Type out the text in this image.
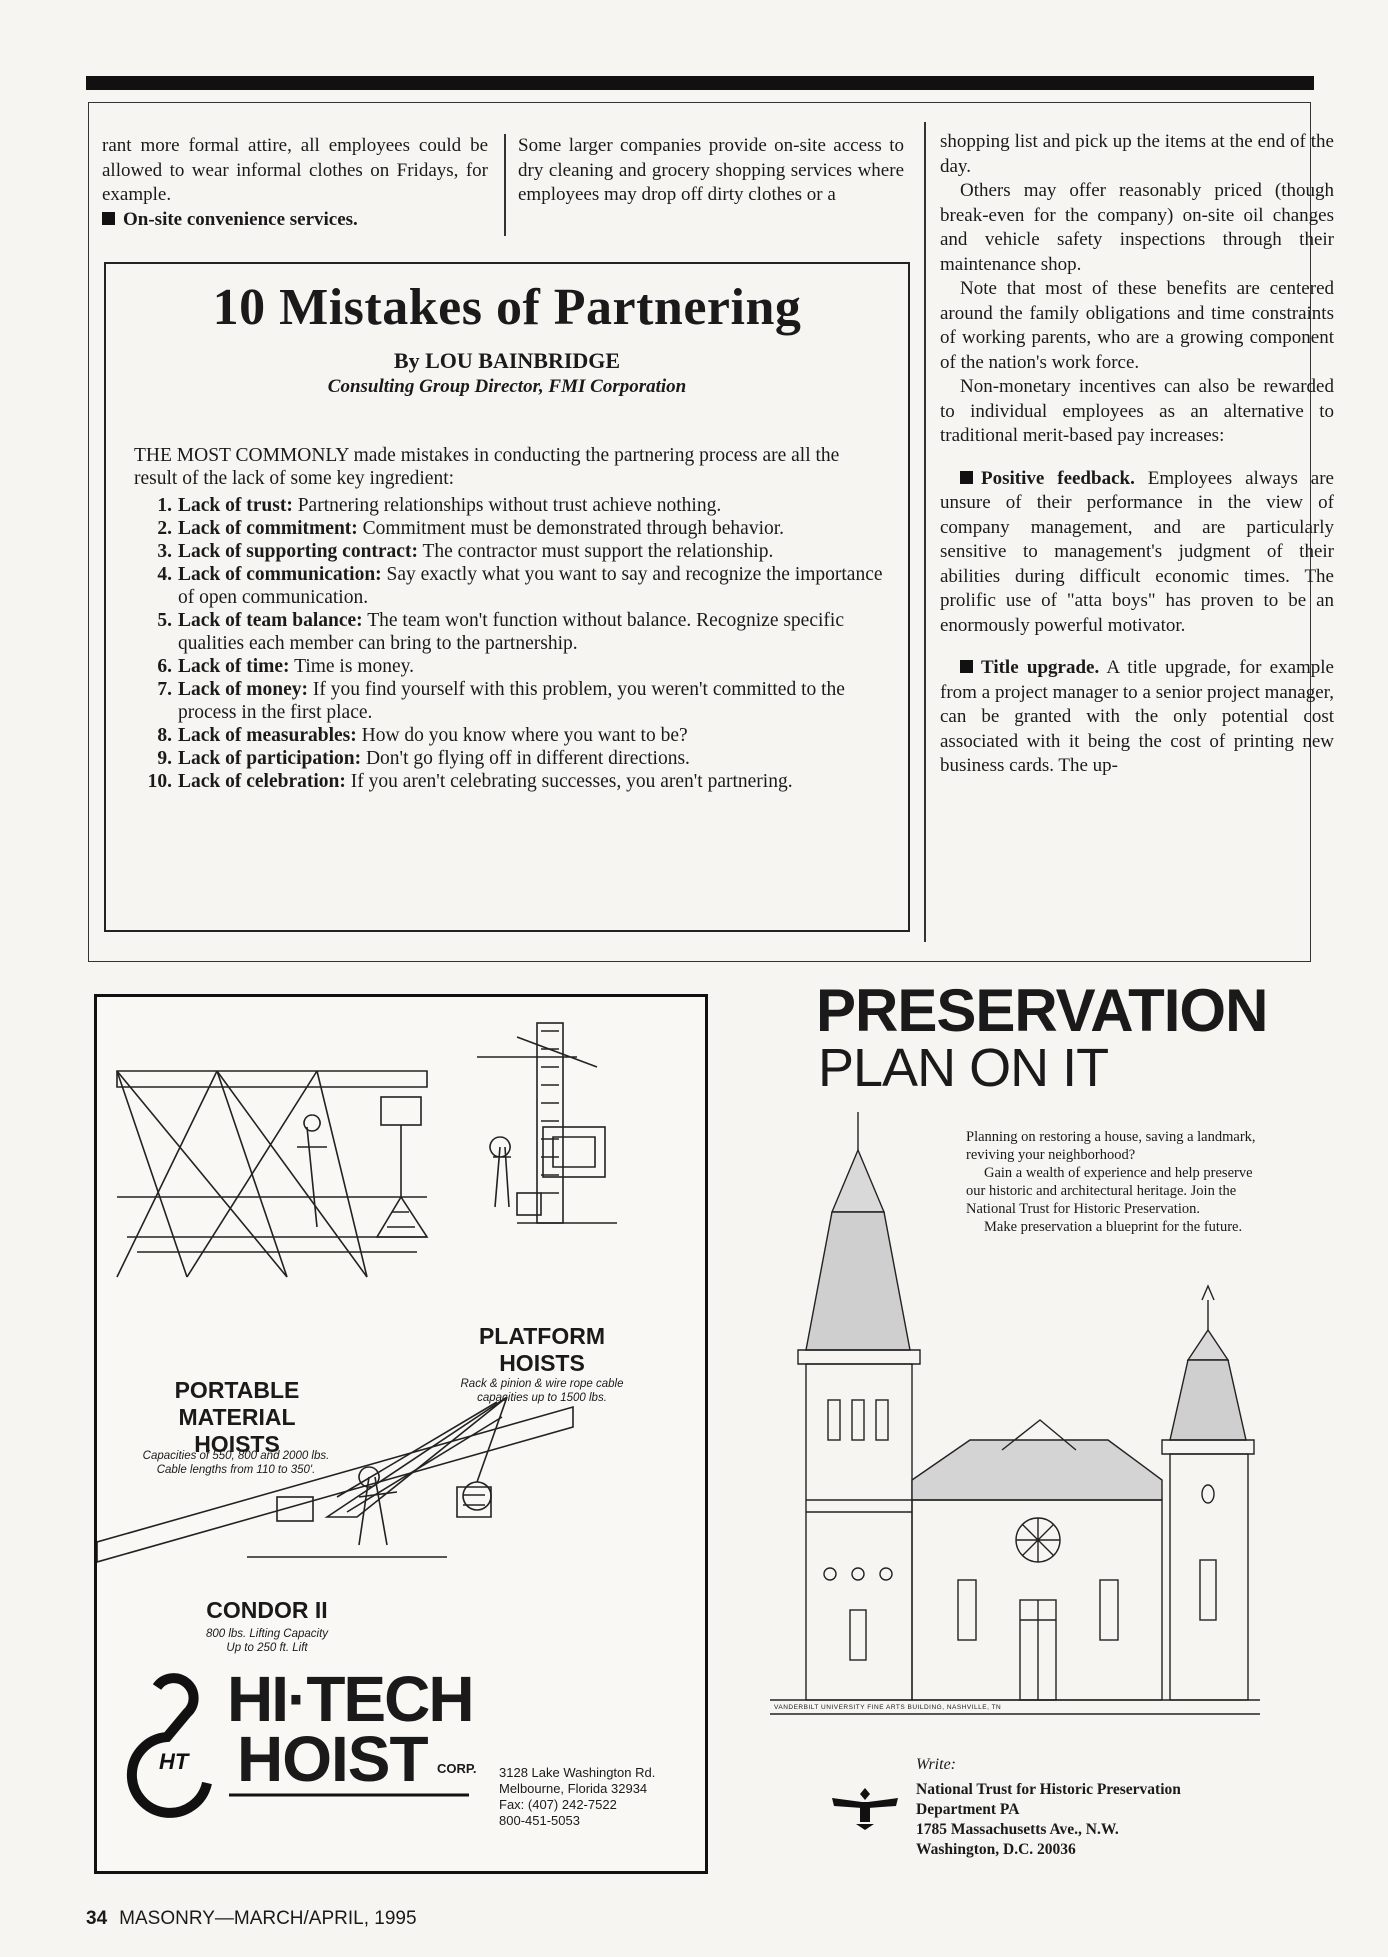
rant more formal attire, all employees could be allowed to wear informal clothes on Fridays, for example.

On-site convenience services.

Some larger companies provide on-site access to dry cleaning and grocery shopping services where employees may drop off dirty clothes or a

shopping list and pick up the items at the end of the day.

Others may offer reasonably priced (though break-even for the company) on-site oil changes and vehicle safety inspections through their maintenance shop.

Note that most of these benefits are centered around the family obligations and time constraints of working parents, who are a growing component of the nation's work force.

Non-monetary incentives can also be rewarded to individual employees as an alternative to traditional merit-based pay increases:

Positive feedback. Employees always are unsure of their performance in the view of company management, and are particularly sensitive to management's judgment of their abilities during difficult economic times. The prolific use of "atta boys" has proven to be an enormously powerful motivator.

Title upgrade. A title upgrade, for example from a project manager to a senior project manager, can be granted with the only potential cost associated with it being the cost of printing new business cards. The up-

10 Mistakes of Partnering
By LOU BAINBRIDGE
Consulting Group Director, FMI Corporation
THE MOST COMMONLY made mistakes in conducting the partnering process are all the result of the lack of some key ingredient:
1. Lack of trust: Partnering relationships without trust achieve nothing.
2. Lack of commitment: Commitment must be demonstrated through behavior.
3. Lack of supporting contract: The contractor must support the relationship.
4. Lack of communication: Say exactly what you want to say and recognize the importance of open communication.
5. Lack of team balance: The team won't function without balance. Recognize specific qualities each member can bring to the partnership.
6. Lack of time: Time is money.
7. Lack of money: If you find yourself with this problem, you weren't committed to the process in the first place.
8. Lack of measurables: How do you know where you want to be?
9. Lack of participation: Don't go flying off in different directions.
10. Lack of celebration: If you aren't celebrating successes, you aren't partnering.
HT
PORTABLE MATERIAL HOISTS
Capacities of 550, 800 and 2000 lbs.
Cable lengths from 110 to 350'.
PLATFORM HOISTS
Rack & pinion & wire rope cable
capacities up to 1500 lbs.
CONDOR II
800 lbs. Lifting Capacity
Up to 250 ft. Lift
HI·TECH
HOIST CORP. 3128 Lake Washington Rd.
Melbourne, Florida 32934
Fax: (407) 242-7522
800-451-5053
PRESERVATION
PLAN ON IT
Planning on restoring a house, saving a landmark, reviving your neighborhood?
Gain a wealth of experience and help preserve our historic and architectural heritage. Join the National Trust for Historic Preservation.
Make preservation a blueprint for the future.
VANDERBILT UNIVERSITY FINE ARTS BUILDING, NASHVILLE, TN
Write:
National Trust for Historic Preservation
Department PA
1785 Massachusetts Ave., N.W.
Washington, D.C. 20036
34 MASONRY—MARCH/APRIL, 1995
